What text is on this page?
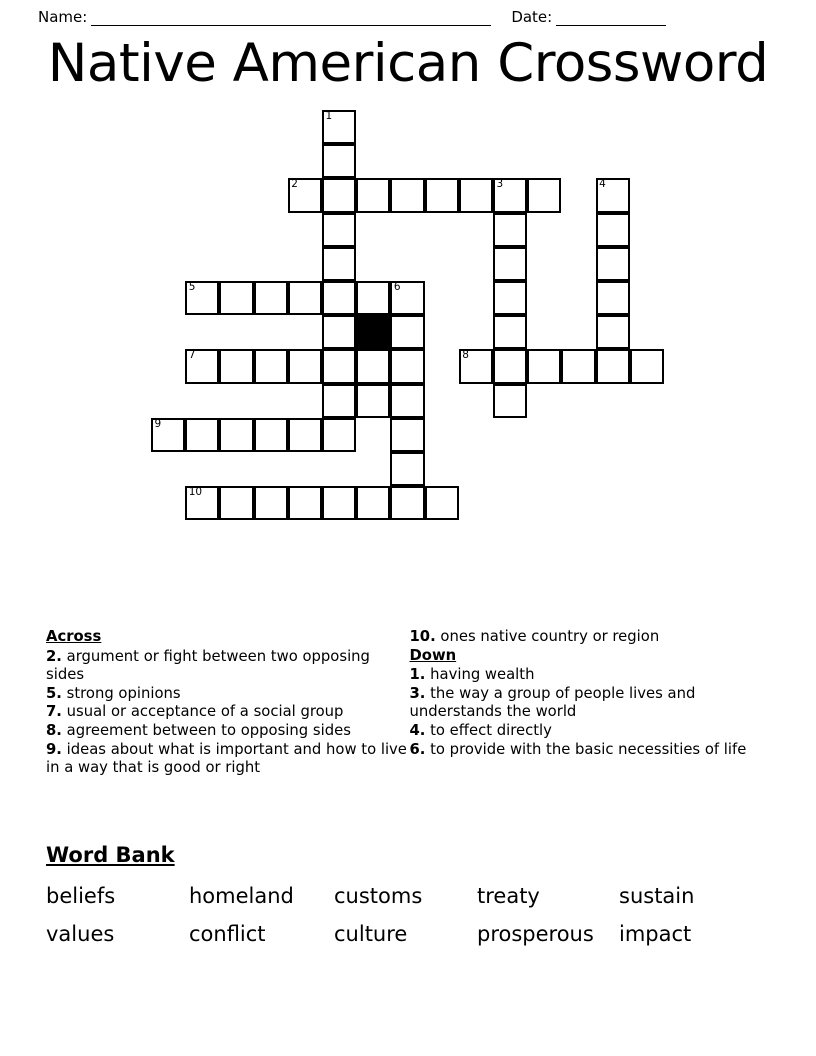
Name:	Date:
Native American Crossword
1
2	3	4
5	6
7	8
9
10
Across
2. argument or fight between two opposing sides
5. strong opinions
7. usual or acceptance of a social group
8. agreement between to opposing sides
9. ideas about what is important and how to live in a way that is good or right
10. ones native country or region
Down
1. having wealth
3. the way a group of people lives and understands the world
4. to effect directly
6. to provide with the basic necessities of life
Word Bank
beliefs	homeland	customs	treaty	sustain
values	conflict	culture	prosperous	impact
